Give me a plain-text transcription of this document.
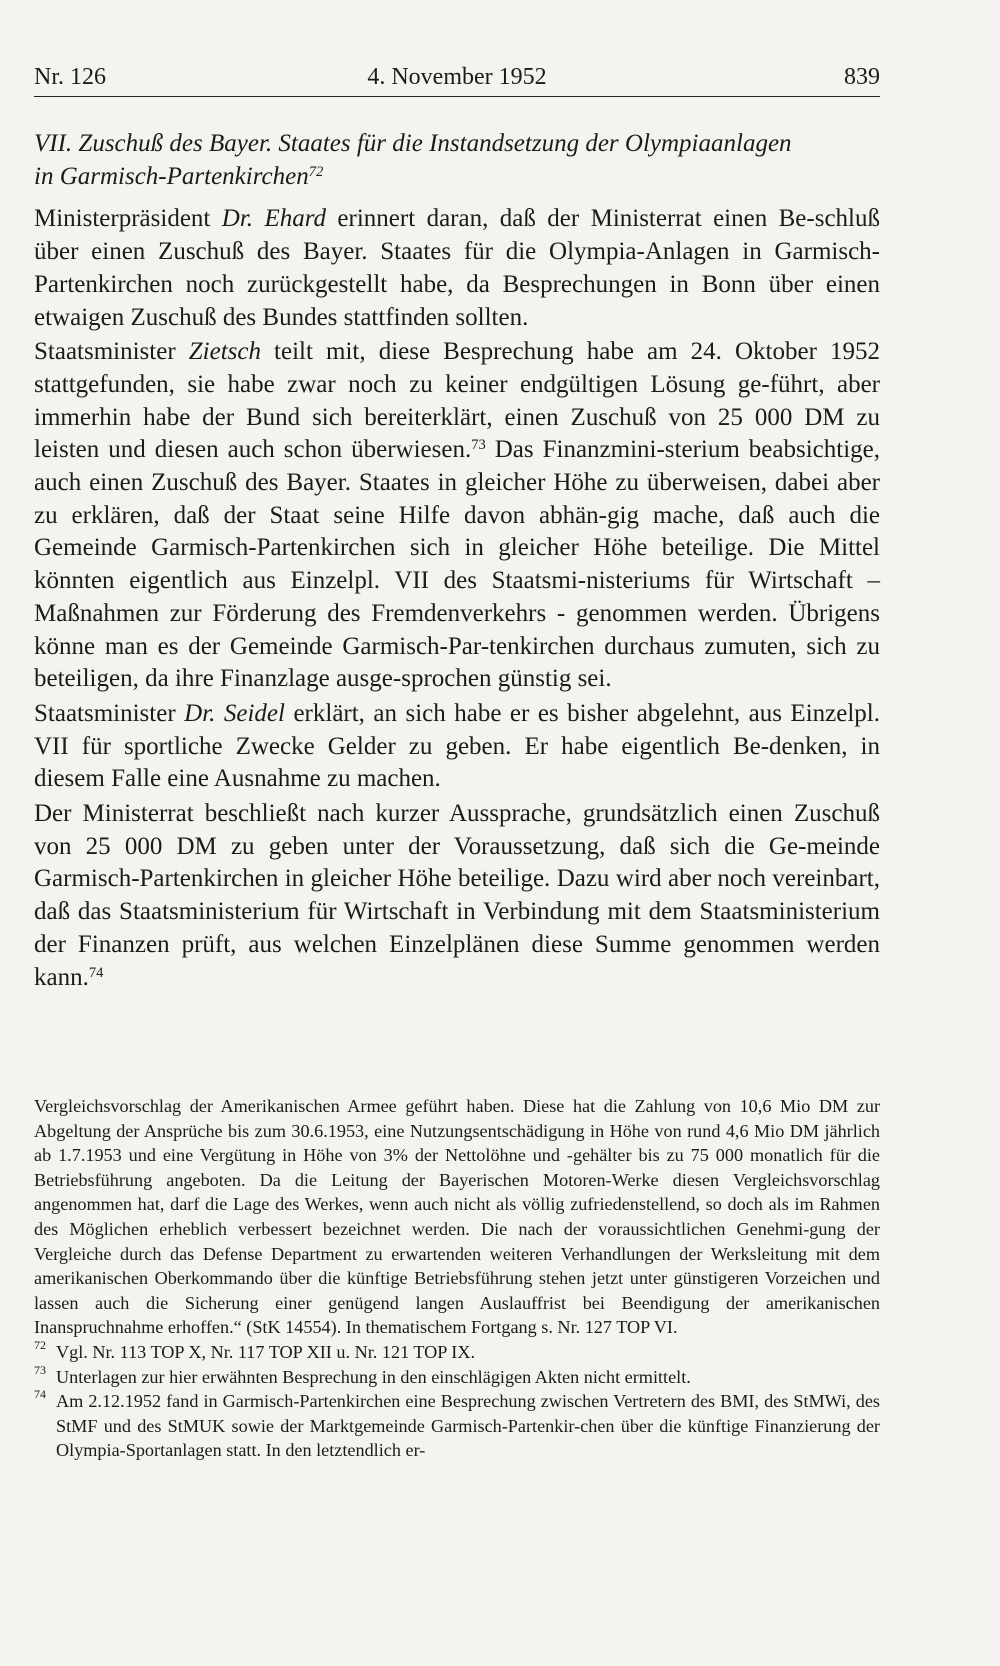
Nr. 126	4. November 1952	839
VII. Zuschuß des Bayer. Staates für die Instandsetzung der Olympiaanlagen
in Garmisch-Partenkirchen$^{72}$

Ministerpräsident Dr. Ehard erinnert daran, daß der Ministerrat einen Be-schluß über einen Zuschuß des Bayer. Staates für die Olympia-Anlagen in Garmisch-Partenkirchen noch zurückgestellt habe, da Besprechungen in Bonn über einen etwaigen Zuschuß des Bundes stattfinden sollten.

Staatsminister Zietsch teilt mit, diese Besprechung habe am 24. Oktober 1952 stattgefunden, sie habe zwar noch zu keiner endgültigen Lösung ge-führt, aber immerhin habe der Bund sich bereiterklärt, einen Zuschuß von 25 000 DM zu leisten und diesen auch schon überwiesen.$^{73}$ Das Finanzmini-sterium beabsichtige, auch einen Zuschuß des Bayer. Staates in gleicher Höhe zu überweisen, dabei aber zu erklären, daß der Staat seine Hilfe davon abhän-gig mache, daß auch die Gemeinde Garmisch-Partenkirchen sich in gleicher Höhe beteilige. Die Mittel könnten eigentlich aus Einzelpl. VII des Staatsmi-nisteriums für Wirtschaft – Maßnahmen zur Förderung des Fremdenverkehrs - genommen werden. Übrigens könne man es der Gemeinde Garmisch-Par-tenkirchen durchaus zumuten, sich zu beteiligen, da ihre Finanzlage ausge-sprochen günstig sei.

Staatsminister Dr. Seidel erklärt, an sich habe er es bisher abgelehnt, aus Einzelpl. VII für sportliche Zwecke Gelder zu geben. Er habe eigentlich Be-denken, in diesem Falle eine Ausnahme zu machen.

Der Ministerrat beschließt nach kurzer Aussprache, grundsätzlich einen Zuschuß von 25 000 DM zu geben unter der Voraussetzung, daß sich die Ge-meinde Garmisch-Partenkirchen in gleicher Höhe beteilige. Dazu wird aber noch vereinbart, daß das Staatsministerium für Wirtschaft in Verbindung mit dem Staatsministerium der Finanzen prüft, aus welchen Einzelplänen diese Summe genommen werden kann.$^{74}$

Vergleichsvorschlag der Amerikanischen Armee geführt haben. Diese hat die Zahlung von 10,6 Mio DM zur Abgeltung der Ansprüche bis zum 30.6.1953, eine Nutzungsentschädigung in Höhe von rund 4,6 Mio DM jährlich ab 1.7.1953 und eine Vergütung in Höhe von 3% der Nettolöhne und -gehälter bis zu 75 000 monatlich für die Betriebsführung angeboten. Da die Leitung der Bayerischen Motoren-Werke diesen Vergleichsvorschlag angenommen hat, darf die Lage des Werkes, wenn auch nicht als völlig zufriedenstellend, so doch als im Rahmen des Möglichen erheblich verbessert bezeichnet werden. Die nach der voraussichtlichen Genehmi-gung der Vergleiche durch das Defense Department zu erwartenden weiteren Verhandlungen der Werksleitung mit dem amerikanischen Oberkommando über die künftige Betriebsführung stehen jetzt unter günstigeren Vorzeichen und lassen auch die Sicherung einer genügend langen Auslauffrist bei Beendigung der amerikanischen Inanspruchnahme erhoffen.“ (StK 14554). In thematischem Fortgang s. Nr. 127 TOP VI.

72 Vgl. Nr. 113 TOP X, Nr. 117 TOP XII u. Nr. 121 TOP IX.

73 Unterlagen zur hier erwähnten Besprechung in den einschlägigen Akten nicht ermittelt.

74 Am 2.12.1952 fand in Garmisch-Partenkirchen eine Besprechung zwischen Vertretern des BMI, des StMWi, des StMF und des StMUK sowie der Marktgemeinde Garmisch-Partenkir-chen über die künftige Finanzierung der Olympia-Sportanlagen statt. In den letztendlich er-
